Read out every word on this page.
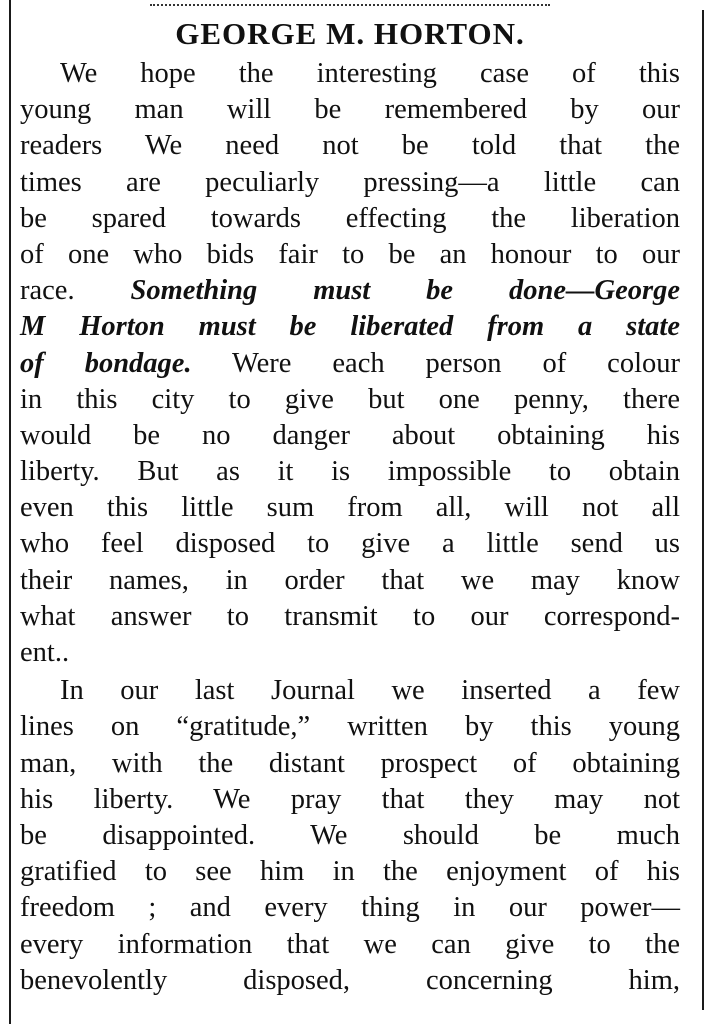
GEORGE M. HORTON.
We hope the interesting case of this
young man will be remembered by our
readers We need not be told that the
times are peculiarly pressing—a little can
be spared towards effecting the liberation
of one who bids fair to be an honour to our
race. Something must be done—George
M Horton must be liberated from a state
of bondage. Were each person of colour
in this city to give but one penny, there
would be no danger about obtaining his
liberty. But as it is impossible to obtain
even this little sum from all, will not all
who feel disposed to give a little send us
their names, in order that we may know
what answer to transmit to our correspond-
ent..
In our last Journal we inserted a few
lines on “gratitude,” written by this young
man, with the distant prospect of obtaining
his liberty. We pray that they may not
be disappointed. We should be much
gratified to see him in the enjoyment of his
freedom ; and every thing in our power—
every information that we can give to the
benevolently disposed, concerning him,
